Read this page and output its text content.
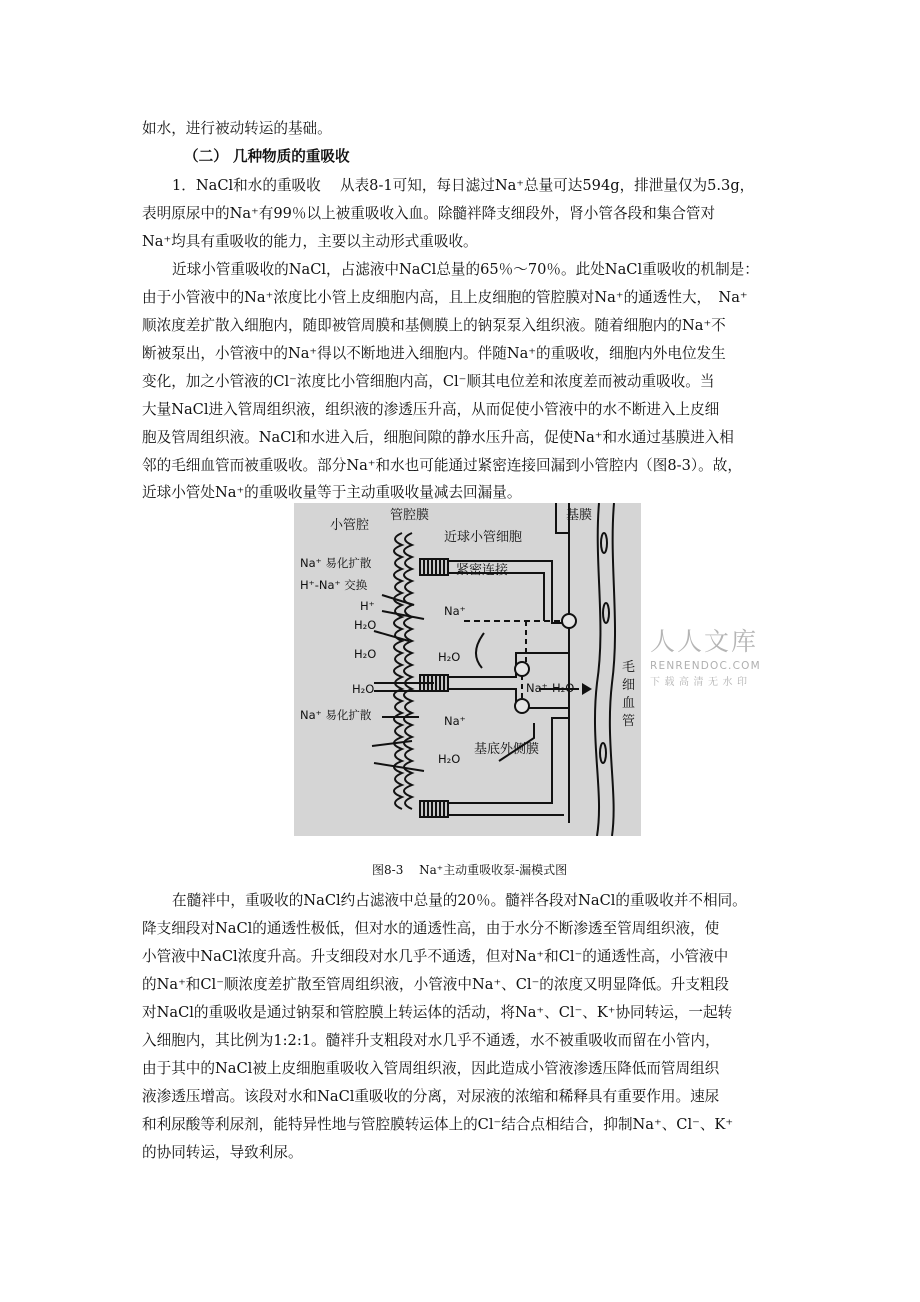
如水，进行被动转运的基础。
（二） 几种物质的重吸收
1．NaCl和水的重吸收　 从表8-1可知，每日滤过Na⁺总量可达594g，排泄量仅为5.3g，
表明原尿中的Na⁺有99％以上被重吸收入血。除髓袢降支细段外，肾小管各段和集合管对
Na⁺均具有重吸收的能力，主要以主动形式重吸收。
近球小管重吸收的NaCl，占滤液中NaCl总量的65％～70％。此处NaCl重吸收的机制是：
由于小管液中的Na⁺浓度比小管上皮细胞内高，且上皮细胞的管腔膜对Na⁺的通透性大，　Na⁺
顺浓度差扩散入细胞内，随即被管周膜和基侧膜上的钠泵泵入组织液。随着细胞内的Na⁺不
断被泵出，小管液中的Na⁺得以不断地进入细胞内。伴随Na⁺的重吸收，细胞内外电位发生
变化，加之小管液的Cl⁻浓度比小管细胞内高，Cl⁻顺其电位差和浓度差而被动重吸收。当
大量NaCl进入管周组织液，组织液的渗透压升高，从而促使小管液中的水不断进入上皮细
胞及管周组织液。NaCl和水进入后，细胞间隙的静水压升高，促使Na⁺和水通过基膜进入相
邻的毛细血管而被重吸收。部分Na⁺和水也可能通过紧密连接回漏到小管腔内（图8-3）。故，
近球小管处Na⁺的重吸收量等于主动重吸收量减去回漏量。
小管腔
管腔膜	基膜
近球小管细胞
紧密连接
Na⁺ 易化扩散
H⁺-Na⁺ 交换
H⁺	Na⁺
H₂O
H₂O	H₂O
H₂O	Na⁺ H₂O
Na⁺ 易化扩散	Na⁺
H₂O
基底外侧膜
毛
细
血
管
人人文库
RENRENDOC.COM
下载高清无水印
图8-3　 Na⁺主动重吸收泵-漏模式图
在髓袢中，重吸收的NaCl约占滤液中总量的20％。髓袢各段对NaCl的重吸收并不相同。
降支细段对NaCl的通透性极低，但对水的通透性高，由于水分不断渗透至管周组织液，使
小管液中NaCl浓度升高。升支细段对水几乎不通透，但对Na⁺和Cl⁻的通透性高，小管液中
的Na⁺和Cl⁻顺浓度差扩散至管周组织液，小管液中Na⁺、Cl⁻的浓度又明显降低。升支粗段
对NaCl的重吸收是通过钠泵和管腔膜上转运体的活动，将Na⁺、Cl⁻、K⁺协同转运，一起转
入细胞内，其比例为1:2:1。髓袢升支粗段对水几乎不通透，水不被重吸收而留在小管内，
由于其中的NaCl被上皮细胞重吸收入管周组织液，因此造成小管液渗透压降低而管周组织
液渗透压增高。该段对水和NaCl重吸收的分离，对尿液的浓缩和稀释具有重要作用。速尿
和利尿酸等利尿剂，能特异性地与管腔膜转运体上的Cl⁻结合点相结合，抑制Na⁺、Cl⁻、K⁺
的协同转运，导致利尿。
